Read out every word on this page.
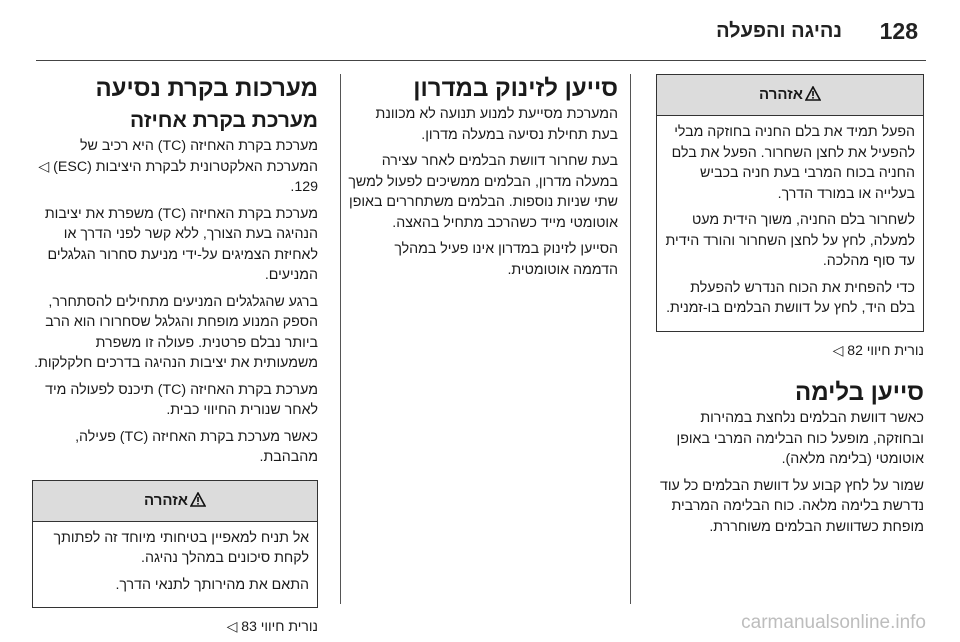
128
נהיגה והפעלה
אזהרה

הפעל תמיד את בלם החניה בחוזקה מבלי להפעיל את לחצן השחרור. הפעל את בלם החניה בכוח המרבי בעת חניה בכביש בעלייה או במורד הדרך.

לשחרור בלם החניה, משוך הידית מעט למעלה, לחץ על לחצן השחרור והורד הידית עד סוף מהלכה.

כדי להפחית את הכוח הנדרש להפעלת בלם היד, לחץ על דוושת הבלמים בו-זמנית.

נורית חיווי 82 ◁

סייען בלימה

כאשר דוושת הבלמים נלחצת במהירות ובחוזקה, מופעל כוח הבלימה המרבי באופן אוטומטי (בלימה מלאה).

שמור על לחץ קבוע על דוושת הבלמים כל עוד נדרשת בלימה מלאה. כוח הבלימה המרבית מופחת כשדוושת הבלמים משוחררת.

סייען לזינוק במדרון

המערכת מסייעת למנוע תנועה לא מכוונת בעת תחילת נסיעה במעלה מדרון.

בעת שחרור דוושת הבלמים לאחר עצירה במעלה מדרון, הבלמים ממשיכים לפעול למשך שתי שניות נוספות. הבלמים משתחררים באופן אוטומטי מייד כשהרכב מתחיל בהאצה.

הסייען לזינוק במדרון אינו פעיל במהלך הדממה אוטומטית.

מערכות בקרת נסיעה
מערכת בקרת אחיזה

מערכת בקרת האחיזה (TC) היא רכיב של המערכת האלקטרונית לבקרת היציבות (ESC) ◁ 129.

מערכת בקרת האחיזה (TC) משפרת את יציבות הנהיגה בעת הצורך, ללא קשר לפני הדרך או לאחיזת הצמיגים על-ידי מניעת סחרור הגלגלים המניעים.

ברגע שהגלגלים המניעים מתחילים להסתחרר, הספק המנוע מופחת והגלגל שסחרורו הוא הרב ביותר נבלם פרטנית. פעולה זו משפרת משמעותית את יציבות הנהיגה בדרכים חלקלקות.

מערכת בקרת האחיזה (TC) תיכנס לפעולה מיד לאחר שנורית החיווי כבית.

כאשר מערכת בקרת האחיזה (TC) פעילה, מהבהבת.

אזהרה

אל תניח למאפיין בטיחותי מיוחד זה לפתותך לקחת סיכונים במהלך נהיגה.

התאם את מהירותך לתנאי הדרך.

נורית חיווי 83 ◁	carmanualsonline.info
